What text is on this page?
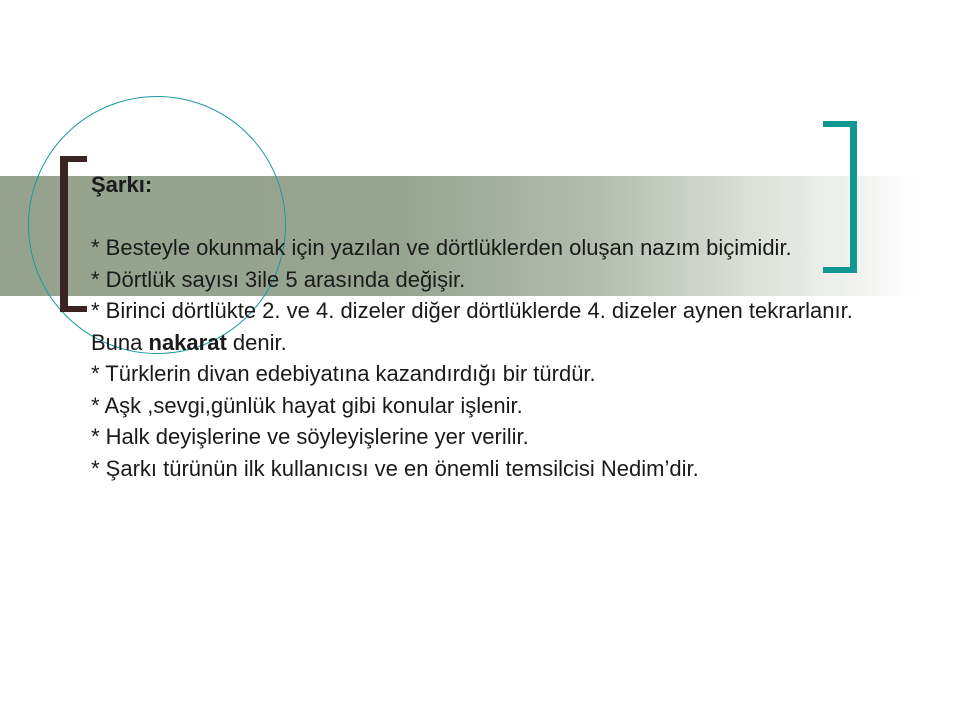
Şarkı:
* Besteyle okunmak için yazılan ve dörtlüklerden oluşan nazım biçimidir.
* Dörtlük sayısı 3ile 5 arasında değişir.
* Birinci dörtlükte 2. ve 4. dizeler diğer dörtlüklerde 4. dizeler aynen tekrarlanır. Buna nakarat denir.
* Türklerin divan edebiyatına kazandırdığı bir türdür.
* Aşk ,sevgi,günlük hayat gibi konular işlenir.
* Halk deyişlerine ve söyleyişlerine yer verilir.
* Şarkı türünün ilk kullanıcısı ve en önemli temsilcisi Nedim’dir.
